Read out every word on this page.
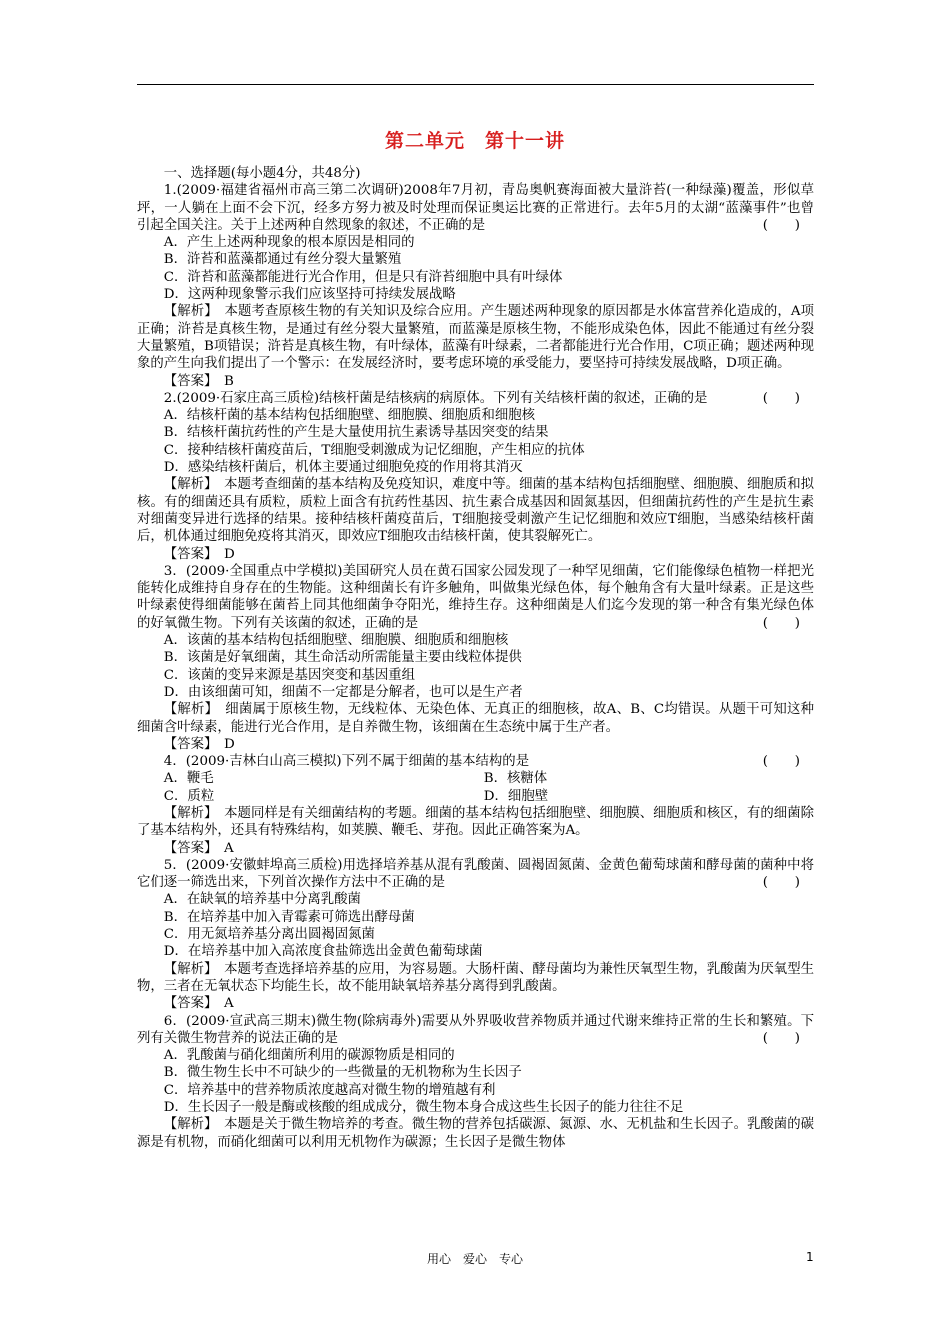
第二单元　第十一讲

一、选择题(每小题4分，共48分)

1.(2009·福建省福州市高三第二次调研)2008年7月初，青岛奥帆赛海面被大量浒苔(一种绿藻)覆盖，形似草坪，一人躺在上面不会下沉，经多方努力被及时处理而保证奥运比赛的正常进行。去年5月的太湖“蓝藻事件”也曾引起全国关注。关于上述两种自然现象的叙述，不正确的是	(　　)

A．产生上述两种现象的根本原因是相同的

B．浒苔和蓝藻都通过有丝分裂大量繁殖

C．浒苔和蓝藻都能进行光合作用，但是只有浒苔细胞中具有叶绿体

D．这两种现象警示我们应该坚持可持续发展战略

【解析】　本题考查原核生物的有关知识及综合应用。产生题述两种现象的原因都是水体富营养化造成的，A项正确；浒苔是真核生物，是通过有丝分裂大量繁殖，而蓝藻是原核生物，不能形成染色体，因此不能通过有丝分裂大量繁殖，B项错误；浒苔是真核生物，有叶绿体，蓝藻有叶绿素，二者都能进行光合作用，C项正确；题述两种现象的产生向我们提出了一个警示：在发展经济时，要考虑环境的承受能力，要坚持可持续发展战略，D项正确。

【答案】　B

2.(2009·石家庄高三质检)结核杆菌是结核病的病原体。下列有关结核杆菌的叙述，正确的是	(　　)

A．结核杆菌的基本结构包括细胞壁、细胞膜、细胞质和细胞核

B．结核杆菌抗药性的产生是大量使用抗生素诱导基因突变的结果

C．接种结核杆菌疫苗后，T细胞受刺激成为记忆细胞，产生相应的抗体

D．感染结核杆菌后，机体主要通过细胞免疫的作用将其消灭

【解析】　本题考查细菌的基本结构及免疫知识，难度中等。细菌的基本结构包括细胞壁、细胞膜、细胞质和拟核。有的细菌还具有质粒，质粒上面含有抗药性基因、抗生素合成基因和固氮基因，但细菌抗药性的产生是抗生素对细菌变异进行选择的结果。接种结核杆菌疫苗后，T细胞接受刺激产生记忆细胞和效应T细胞，当感染结核杆菌后，机体通过细胞免疫将其消灭，即效应T细胞攻击结核杆菌，使其裂解死亡。

【答案】　D

3．(2009·全国重点中学模拟)美国研究人员在黄石国家公园发现了一种罕见细菌，它们能像绿色植物一样把光能转化成维持自身存在的生物能。这种细菌长有许多触角，叫做集光绿色体，每个触角含有大量叶绿素。正是这些叶绿素使得细菌能够在菌苔上同其他细菌争夺阳光，维持生存。这种细菌是人们迄今发现的第一种含有集光绿色体的好氧微生物。下列有关该菌的叙述，正确的是	(　　)

A．该菌的基本结构包括细胞壁、细胞膜、细胞质和细胞核

B．该菌是好氧细菌，其生命活动所需能量主要由线粒体提供

C．该菌的变异来源是基因突变和基因重组

D．由该细菌可知，细菌不一定都是分解者，也可以是生产者

【解析】　细菌属于原核生物，无线粒体、无染色体、无真正的细胞核，故A、B、C均错误。从题干可知这种细菌含叶绿素，能进行光合作用，是自养微生物，该细菌在生态统中属于生产者。

【答案】　D

4．(2009·吉林白山高三模拟)下列不属于细菌的基本结构的是	(　　)

A．鞭毛	B．核糖体

C．质粒	D．细胞壁

【解析】　本题同样是有关细菌结构的考题。细菌的基本结构包括细胞壁、细胞膜、细胞质和核区，有的细菌除了基本结构外，还具有特殊结构，如荚膜、鞭毛、芽孢。因此正确答案为A。

【答案】　A

5．(2009·安徽蚌埠高三质检)用选择培养基从混有乳酸菌、圆褐固氮菌、金黄色葡萄球菌和酵母菌的菌种中将它们逐一筛选出来，下列首次操作方法中不正确的是	(　　)

A．在缺氧的培养基中分离乳酸菌

B．在培养基中加入青霉素可筛选出酵母菌

C．用无氮培养基分离出圆褐固氮菌

D．在培养基中加入高浓度食盐筛选出金黄色葡萄球菌

【解析】　本题考查选择培养基的应用，为容易题。大肠杆菌、酵母菌均为兼性厌氧型生物，乳酸菌为厌氧型生物，三者在无氧状态下均能生长，故不能用缺氧培养基分离得到乳酸菌。

【答案】　A

6．(2009·宣武高三期末)微生物(除病毒外)需要从外界吸收营养物质并通过代谢来维持正常的生长和繁殖。下列有关微生物营养的说法正确的是	(　　)

A．乳酸菌与硝化细菌所利用的碳源物质是相同的

B．微生物生长中不可缺少的一些微量的无机物称为生长因子

C．培养基中的营养物质浓度越高对微生物的增殖越有利

D．生长因子一般是酶或核酸的组成成分，微生物本身合成这些生长因子的能力往往不足

【解析】　本题是关于微生物培养的考查。微生物的营养包括碳源、氮源、水、无机盐和生长因子。乳酸菌的碳源是有机物，而硝化细菌可以利用无机物作为碳源；生长因子是微生物体

用心　爱心　专心	1
